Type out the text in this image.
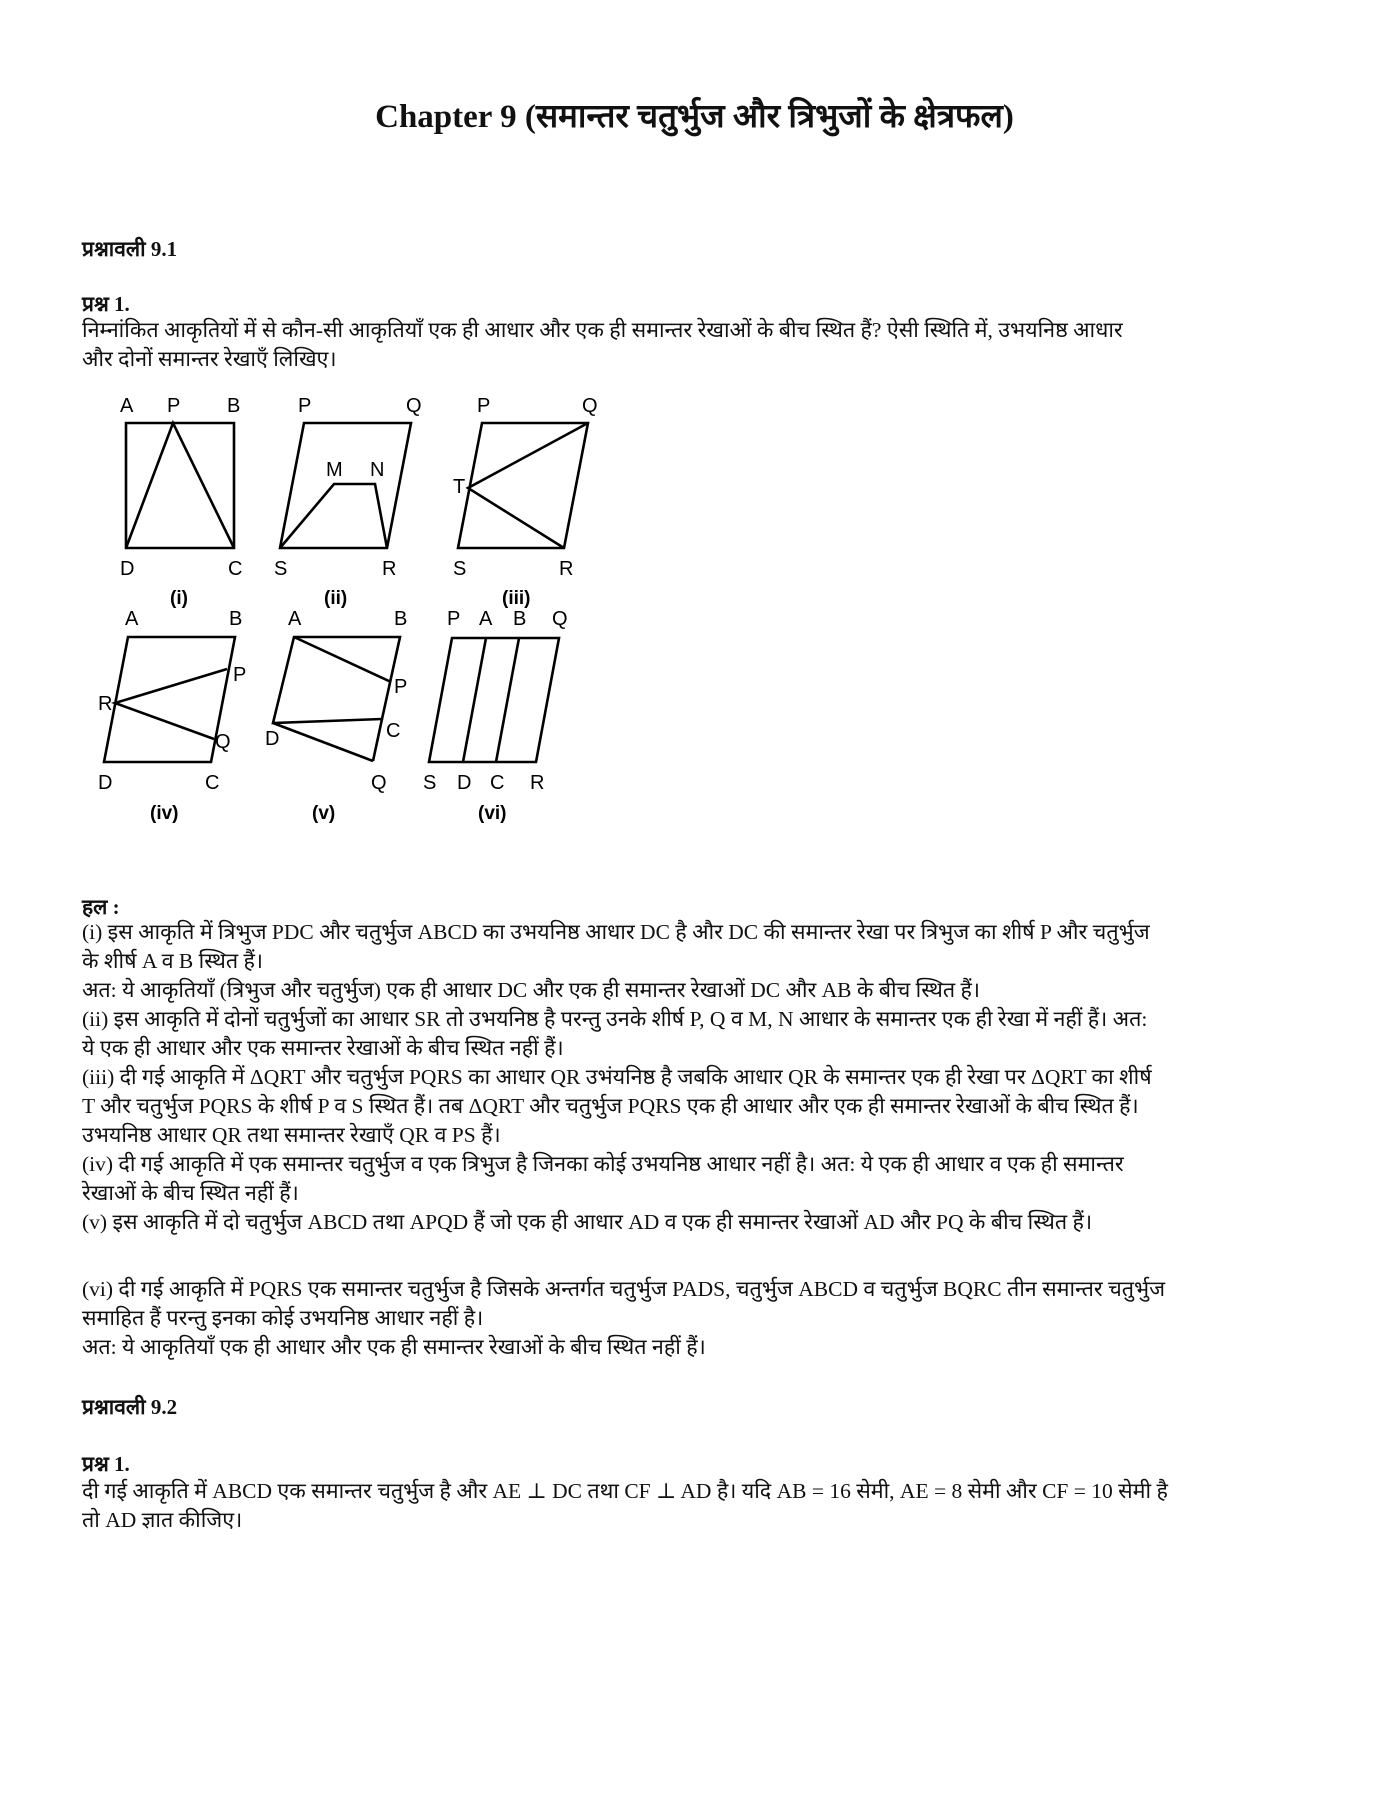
Chapter 9 (समान्तर चतुर्भुज और त्रिभुजों के क्षेत्रफल)
प्रश्नावली 9.1
प्रश्न 1.

निम्नांकित आकृतियों में से कौन-सी आकृतियाँ एक ही आधार और एक ही समान्तर रेखाओं के बीच स्थित हैं? ऐसी स्थिति में, उभयनिष्ठ आधार

और दोनों समान्तर रेखाएँ लिखिए।

A P B
D	C
(i)
P	Q
M N
S	R
(ii)
P	Q
T
S	R
(iii)
A	B
P
R
Q
D	C
(iv)
A	B
P
C
D
Q
(v)
P A B Q
S D C R
(vi)
हल :

(i) इस आकृति में त्रिभुज PDC और चतुर्भुज ABCD का उभयनिष्ठ आधार DC है और DC की समान्तर रेखा पर त्रिभुज का शीर्ष P और चतुर्भुज

के शीर्ष A व B स्थित हैं।

अत: ये आकृतियाँ (त्रिभुज और चतुर्भुज) एक ही आधार DC और एक ही समान्तर रेखाओं DC और AB के बीच स्थित हैं।

(ii) इस आकृति में दोनों चतुर्भुजों का आधार SR तो उभयनिष्ठ है परन्तु उनके शीर्ष P, Q व M, N आधार के समान्तर एक ही रेखा में नहीं हैं। अत:

ये एक ही आधार और एक समान्तर रेखाओं के बीच स्थित नहीं हैं।

(iii) दी गई आकृति में ΔQRT और चतुर्भुज PQRS का आधार QR उभंयनिष्ठ है जबकि आधार QR के समान्तर एक ही रेखा पर ΔQRT का शीर्ष

T और चतुर्भुज PQRS के शीर्ष P व S स्थित हैं। तब ΔQRT और चतुर्भुज PQRS एक ही आधार और एक ही समान्तर रेखाओं के बीच स्थित हैं।

उभयनिष्ठ आधार QR तथा समान्तर रेखाएँ QR व PS हैं।

(iv) दी गई आकृति में एक समान्तर चतुर्भुज व एक त्रिभुज है जिनका कोई उभयनिष्ठ आधार नहीं है। अत: ये एक ही आधार व एक ही समान्तर

रेखाओं के बीच स्थित नहीं हैं।

(v) इस आकृति में दो चतुर्भुज ABCD तथा APQD हैं जो एक ही आधार AD व एक ही समान्तर रेखाओं AD और PQ के बीच स्थित हैं।

(vi) दी गई आकृति में PQRS एक समान्तर चतुर्भुज है जिसके अन्तर्गत चतुर्भुज PADS, चतुर्भुज ABCD व चतुर्भुज BQRC तीन समान्तर चतुर्भुज

समाहित हैं परन्तु इनका कोई उभयनिष्ठ आधार नहीं है।

अत: ये आकृतियाँ एक ही आधार और एक ही समान्तर रेखाओं के बीच स्थित नहीं हैं।

प्रश्नावली 9.2
प्रश्न 1.

दी गई आकृति में ABCD एक समान्तर चतुर्भुज है और AE ⊥ DC तथा CF ⊥ AD है। यदि AB = 16 सेमी, AE = 8 सेमी और CF = 10 सेमी है

तो AD ज्ञात कीजिए।
